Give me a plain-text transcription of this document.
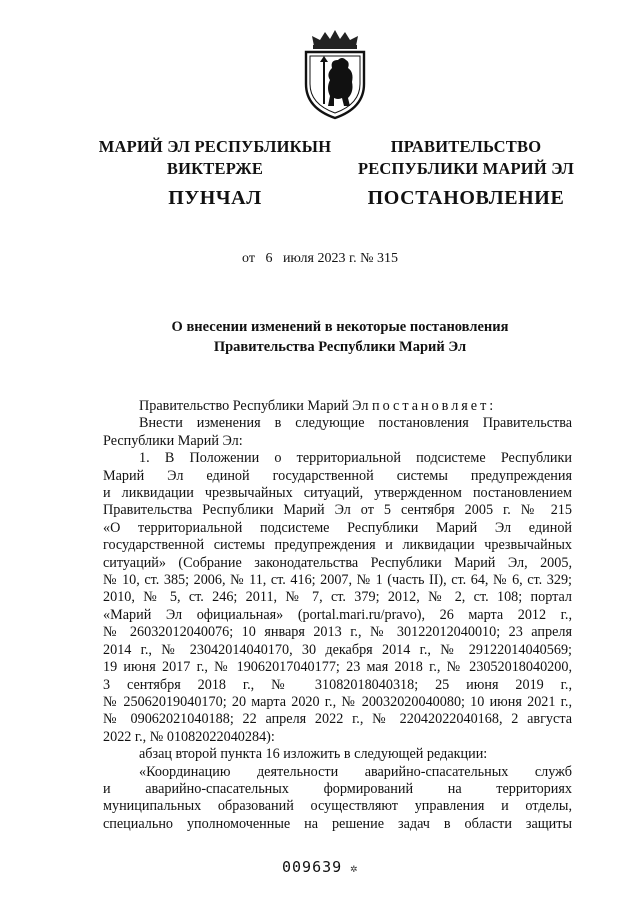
МАРИЙ ЭЛ РЕСПУБЛИКЫН
ВИКТЕРЖЕ
ПУНЧАЛ
ПРАВИТЕЛЬСТВО
РЕСПУБЛИКИ МАРИЙ ЭЛ
ПОСТАНОВЛЕНИЕ
от 6 июля 2023 г. № 315
О внесении изменений в некоторые постановления
Правительства Республики Марий Эл

Правительство Республики Марий Эл постановляет:

Внести изменения в следующие постановления Правительства

Республики Марий Эл:

1. В Положении о территориальной подсистеме Республики

Марий Эл единой государственной системы предупреждения

и ликвидации чрезвычайных ситуаций, утвержденном постановлением

Правительства Республики Марий Эл от 5 сентября 2005 г. № 215

«О территориальной подсистеме Республики Марий Эл единой

государственной системы предупреждения и ликвидации чрезвычайных

ситуаций» (Собрание законодательства Республики Марий Эл, 2005,

№ 10, ст. 385; 2006, № 11, ст. 416; 2007, № 1 (часть II), ст. 64, № 6, ст. 329;

2010, № 5, ст. 246; 2011, № 7, ст. 379; 2012, № 2, ст. 108; портал

«Марий Эл официальная» (portal.mari.ru/pravo), 26 марта 2012 г.,

№ 26032012040076; 10 января 2013 г., № 30122012040010; 23 апреля

2014 г., № 23042014040170, 30 декабря 2014 г., № 29122014040569;

19 июня 2017 г., № 19062017040177; 23 мая 2018 г., № 23052018040200,

3 сентября 2018 г., № 31082018040318; 25 июня 2019 г.,

№ 25062019040170; 20 марта 2020 г., № 20032020040080; 10 июня 2021 г.,

№ 09062021040188; 22 апреля 2022 г., № 22042022040168, 2 августа

2022 г., № 01082022040284):

абзац второй пункта 16 изложить в следующей редакции:

«Координацию деятельности аварийно-спасательных служб

и аварийно-спасательных формирований на территориях

муниципальных образований осуществляют управления и отделы,

специально уполномоченные на решение задач в области защиты

009639 ✲
